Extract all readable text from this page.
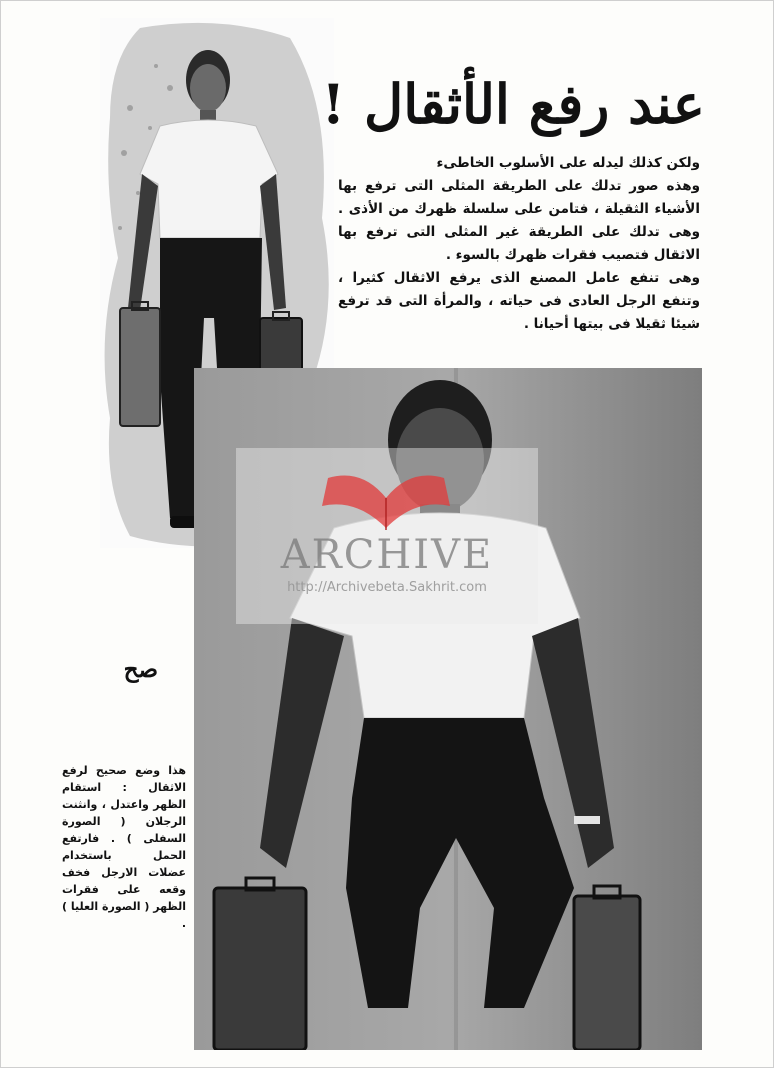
عند رفع الأثقال !

ولكن كذلك ليدله على الأسلوب الخاطىء

وهذه صور تدلك على الطريقة المثلى التى ترفع بها الأشياء الثقيلة ، فتامن على سلسلة ظهرك من الأذى . وهى تدلك على الطريقة غير المثلى التى ترفع بها الاثقال فتصيب فقرات ظهرك بالسوء .

وهى تنفع عامل المصنع الذى يرفع الاثقال كثيرا ، وتنفع الرجل العادى فى حياته ، والمرأة التى قد ترفع شيئا ثقيلا فى بيتها أحيانا .

ARCHIVE
http://Archivebeta.Sakhrit.com
صح
هذا وضع صحيح لرفع الاثقال : استقام الظهر واعتدل ، وانثنت الرجلان ( الصورة السفلى ) . فارتفع الحمل باستخدام عضلات الارجل فخف وقعه على فقرات الظهر ( الصورة العليا ) .
